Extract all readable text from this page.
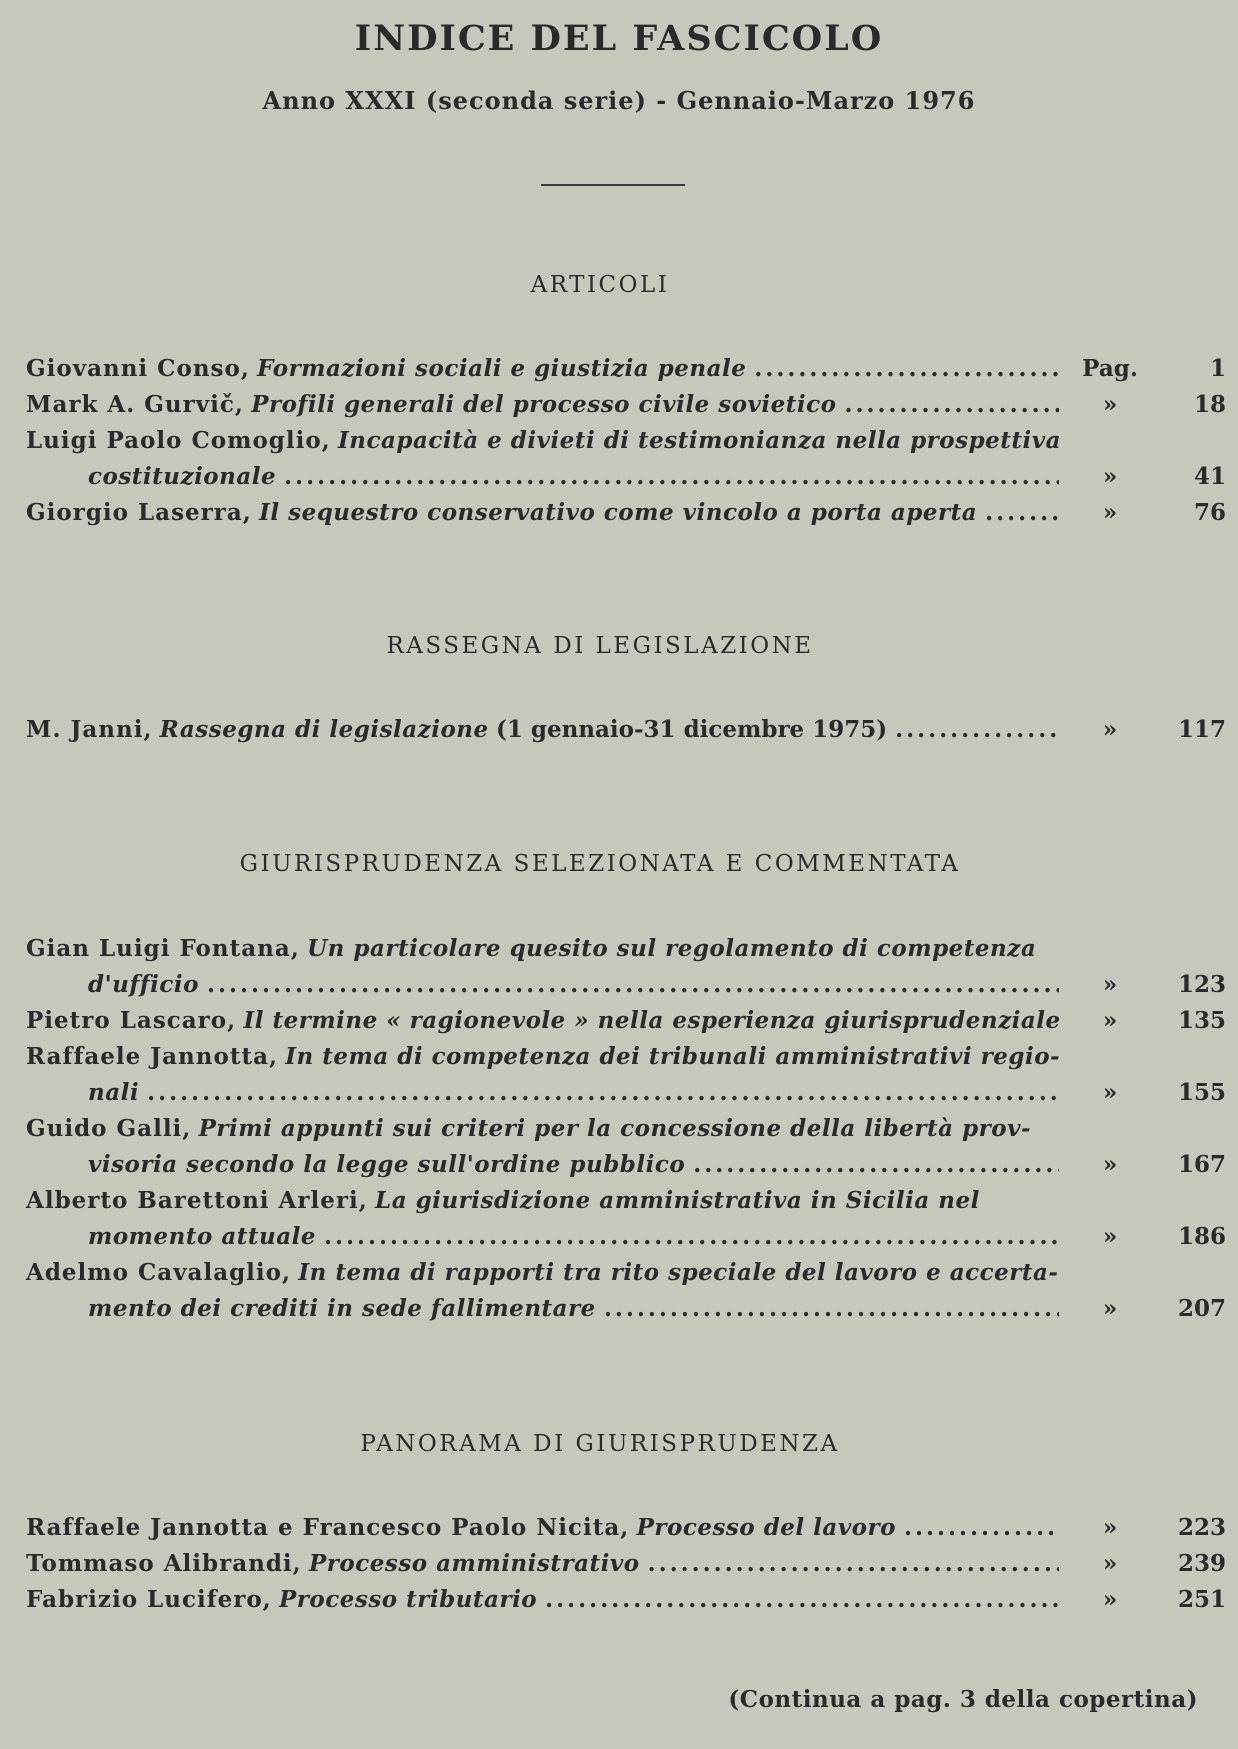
INDICE DEL FASCICOLO
Anno XXXI (seconda serie) - Gennaio-Marzo 1976
ARTICOLI
Giovanni Conso, Formazioni sociali e giustizia penale .....	Pag.	1
Mark A. Gurvič, Profili generali del processo civile sovietico .....	»	18
Luigi Paolo Comoglio, Incapacità e divieti di testimonianza nella prospettiva
costituzionale .....	»	41
Giorgio Laserra, Il sequestro conservativo come vincolo a porta aperta .....	»	76
RASSEGNA DI LEGISLAZIONE
M. Janni, Rassegna di legislazione (1 gennaio-31 dicembre 1975) .....	»	117
GIURISPRUDENZA SELEZIONATA E COMMENTATA
Gian Luigi Fontana, Un particolare quesito sul regolamento di competenza
d'ufficio .....	»	123
Pietro Lascaro, Il termine « ragionevole » nella esperienza giurisprudenziale	»	135
Raffaele Jannotta, In tema di competenza dei tribunali amministrativi regio-
nali .....	»	155
Guido Galli, Primi appunti sui criteri per la concessione della libertà prov-
visoria secondo la legge sull'ordine pubblico .....	»	167
Alberto Barettoni Arleri, La giurisdizione amministrativa in Sicilia nel
momento attuale .....	»	186
Adelmo Cavalaglio, In tema di rapporti tra rito speciale del lavoro e accerta-
mento dei crediti in sede fallimentare .....	»	207
PANORAMA DI GIURISPRUDENZA
Raffaele Jannotta e Francesco Paolo Nicita, Processo del lavoro .....	»	223
Tommaso Alibrandi, Processo amministrativo .....	»	239
Fabrizio Lucifero, Processo tributario .....	»	251
(Continua a pag. 3 della copertina)
